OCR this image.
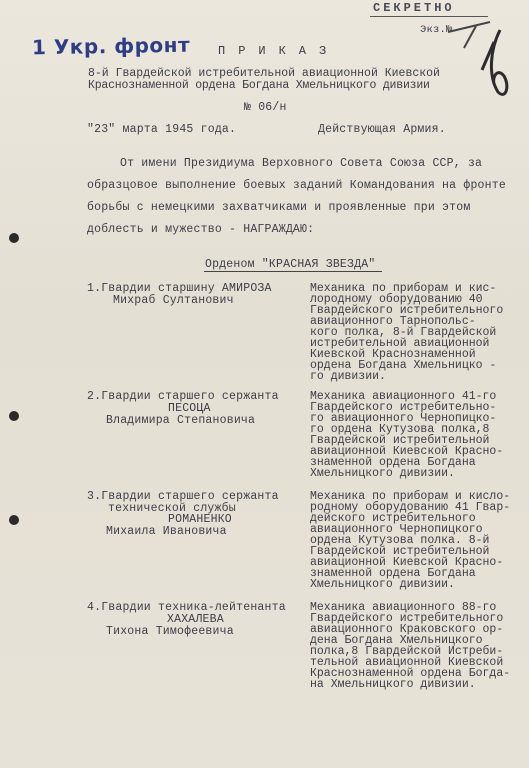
СЕКРЕТНО
Экз.№
1 Укр. фронт ПРИКАЗ
8-й Гвардейской истребительной авиационной Киевской
Краснознаменной ордена Богдана Хмельницкого дивизии
№ 06/н
"23" марта 1945 года.	Действующая Армия.
От имени Президиума Верховного Совета Союза ССР, за
образцовое выполнение боевых заданий Командования на фронте
борьбы с немецкими захватчиками и проявленные при этом
доблесть и мужество - НАГРАЖДАЮ:
Орденом "КРАСНАЯ ЗВЕЗДА"
1.Гвардии старшину АМИРОЗА
Михраб Султанович
Механика по приборам и кис-
лородному оборудованию 40
Гвардейского истребительного
авиационного Тарнопольс-
кого полка, 8-й Гвардейской
истребительной авиационной
Киевской Краснознаменной
ордена Богдана Хмельницко -
го дивизии.
2.Гвардии старшего сержанта
ПЕСОЦА
Владимира Степановича
Механика авиационного 41-го
Гвардейского истребительно-
го авиационного Чернопицко-
го ордена Кутузова полка,8
Гвардейской истребительной
авиационной Киевской Красно-
знаменной ордена Богдана
Хмельницкого дивизии.
3.Гвардии старшего сержанта
технической службы
РОМАНЕНКО
Михаила Ивановича
Механика по приборам и кисло-
родному оборудованию 41 Гвар-
дейского истребительного
авиационного Чернопицкого
ордена Кутузова полка. 8-й
Гвардейской истребительной
авиационной Киевской Красно-
знаменной ордена Богдана
Хмельницкого дивизии.
4.Гвардии техника-лейтенанта
ХАХАЛЕВА
Тихона Тимофеевича
Механика авиационного 88-го
Гвардейского истребительного
авиационного Краковского ор-
дена Богдана Хмельницкого
полка,8 Гвардейской Истреби-
тельной авиационной Киевской
Краснознаменной ордена Богда-
на Хмельницкого дивизии.
